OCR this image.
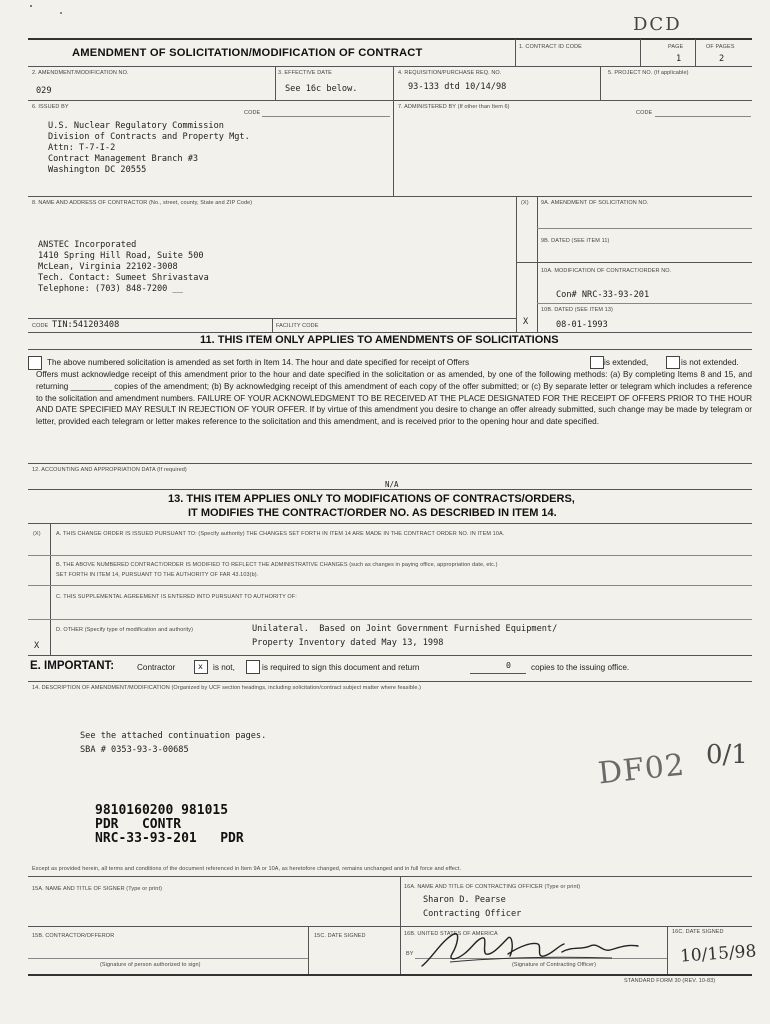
DCD
AMENDMENT OF SOLICITATION/MODIFICATION OF CONTRACT	1. CONTRACT ID CODE	PAGE	OF PAGES
1	2
2. AMENDMENT/MODIFICATION NO.
029
3. EFFECTIVE DATE
See 16c below.
4. REQUISITION/PURCHASE REQ. NO.
93-133 dtd 10/14/98
5. PROJECT NO. (If applicable)
6. ISSUED BY
CODE
U.S. Nuclear Regulatory Commission
Division of Contracts and Property Mgt.
Attn: T-7-I-2
Contract Management Branch #3
Washington DC 20555
7. ADMINISTERED BY (If other than Item 6)
CODE
8. NAME AND ADDRESS OF CONTRACTOR (No., street, county, State and ZIP Code)
ANSTEC Incorporated
1410 Spring Hill Road, Suite 500
McLean, Virginia 22102-3008
Tech. Contact: Sumeet Shrivastava
Telephone: (703) 848-7200 __
(X) 9A. AMENDMENT OF SOLICITATION NO.
9B. DATED (SEE ITEM 11)
10A. MODIFICATION OF CONTRACT/ORDER NO.
Con# NRC-33-93-201
10B. DATED (SEE ITEM 13)
08-01-1993
X
CODE TIN:541203408	FACILITY CODE
11. THIS ITEM ONLY APPLIES TO AMENDMENTS OF SOLICITATIONS
The above numbered solicitation is amended as set forth in Item 14. The hour and date specified for receipt of Offers	is extended,	is not extended.
Offers must acknowledge receipt of this amendment prior to the hour and date specified in the solicitation or as amended, by one of the following methods: (a) By completing Items 8 and 15, and returning _________ copies of the amendment; (b) By acknowledging receipt of this amendment of each copy of the offer submitted; or (c) By separate letter or telegram which includes a reference to the solicitation and amendment numbers. FAILURE OF YOUR ACKNOWLEDGMENT TO BE RECEIVED AT THE PLACE DESIGNATED FOR THE RECEIPT OF OFFERS PRIOR TO THE HOUR AND DATE SPECIFIED MAY RESULT IN REJECTION OF YOUR OFFER. If by virtue of this amendment you desire to change an offer already submitted, such change may be made by telegram or letter, provided each telegram or letter makes reference to the solicitation and this amendment, and is received prior to the opening hour and date specified.
12. ACCOUNTING AND APPROPRIATION DATA (If required)
N/A
13. THIS ITEM APPLIES ONLY TO MODIFICATIONS OF CONTRACTS/ORDERS,
IT MODIFIES THE CONTRACT/ORDER NO. AS DESCRIBED IN ITEM 14.
(X)	A. THIS CHANGE ORDER IS ISSUED PURSUANT TO: (Specify authority) THE CHANGES SET FORTH IN ITEM 14 ARE MADE IN THE CONTRACT ORDER NO. IN ITEM 10A.
B. THE ABOVE NUMBERED CONTRACT/ORDER IS MODIFIED TO REFLECT THE ADMINISTRATIVE CHANGES (such as changes in paying office, appropriation date, etc.)
SET FORTH IN ITEM 14, PURSUANT TO THE AUTHORITY OF FAR 43.103(b).
C. THIS SUPPLEMENTAL AGREEMENT IS ENTERED INTO PURSUANT TO AUTHORITY OF:
D. OTHER (Specify type of modification and authority)	Unilateral.  Based on Joint Government Furnished Equipment/
Property Inventory dated May 13, 1998
X
E. IMPORTANT:	Contractor	x is not,	is required to sign this document and return	0 copies to the issuing office.
14. DESCRIPTION OF AMENDMENT/MODIFICATION (Organized by UCF section headings, including solicitation/contract subject matter where feasible.)
See the attached continuation pages.
SBA # 0353-93-3-00685	DF02 0/1
9810160200 981015
PDR   CONTR
NRC-33-93-201   PDR
Except as provided herein, all terms and conditions of the document referenced in Item 9A or 10A, as heretofore changed, remains unchanged and in full force and effect.
15A. NAME AND TITLE OF SIGNER (Type or print)	16A. NAME AND TITLE OF CONTRACTING OFFICER (Type or print)
Sharon D. Pearse
Contracting Officer
15B. CONTRACTOR/OFFEROR
(Signature of person authorized to sign)
15C. DATE SIGNED	16B. UNITED STATES OF AMERICA
BY
(Signature of Contracting Officer)
16C. DATE SIGNED
10/15/98
STANDARD FORM 30 (REV. 10-83)
